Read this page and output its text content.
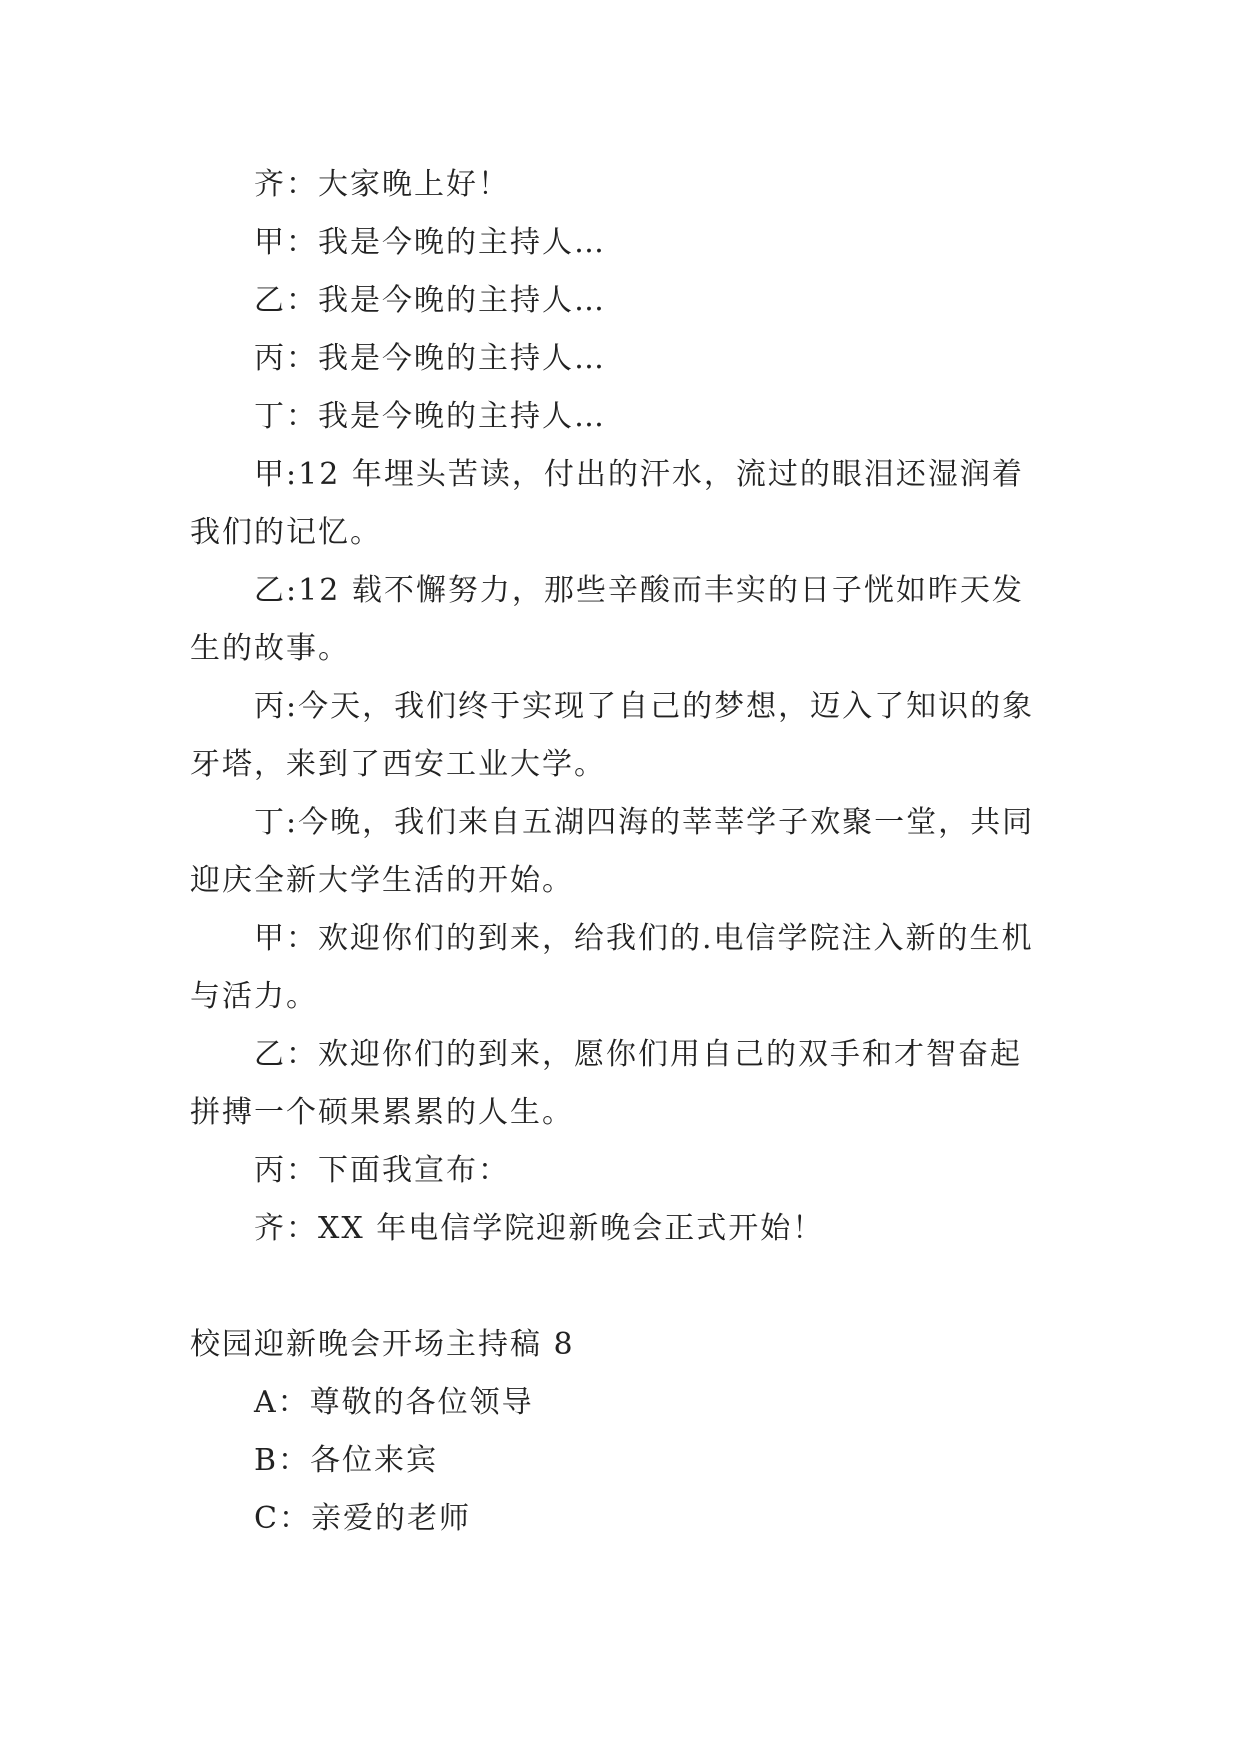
齐：大家晚上好！

甲：我是今晚的主持人…

乙：我是今晚的主持人…

丙：我是今晚的主持人…

丁：我是今晚的主持人…

甲:12 年埋头苦读，付出的汗水，流过的眼泪还湿润着我们的记忆。

乙:12 载不懈努力，那些辛酸而丰实的日子恍如昨天发生的故事。

丙:今天，我们终于实现了自己的梦想，迈入了知识的象牙塔，来到了西安工业大学。

丁:今晚，我们来自五湖四海的莘莘学子欢聚一堂，共同迎庆全新大学生活的开始。

甲：欢迎你们的到来，给我们的.电信学院注入新的生机与活力。

乙：欢迎你们的到来，愿你们用自己的双手和才智奋起拼搏一个硕果累累的人生。

丙：下面我宣布：

齐：XX 年电信学院迎新晚会正式开始！

校园迎新晚会开场主持稿 8

A：尊敬的各位领导

B：各位来宾

C：亲爱的老师
